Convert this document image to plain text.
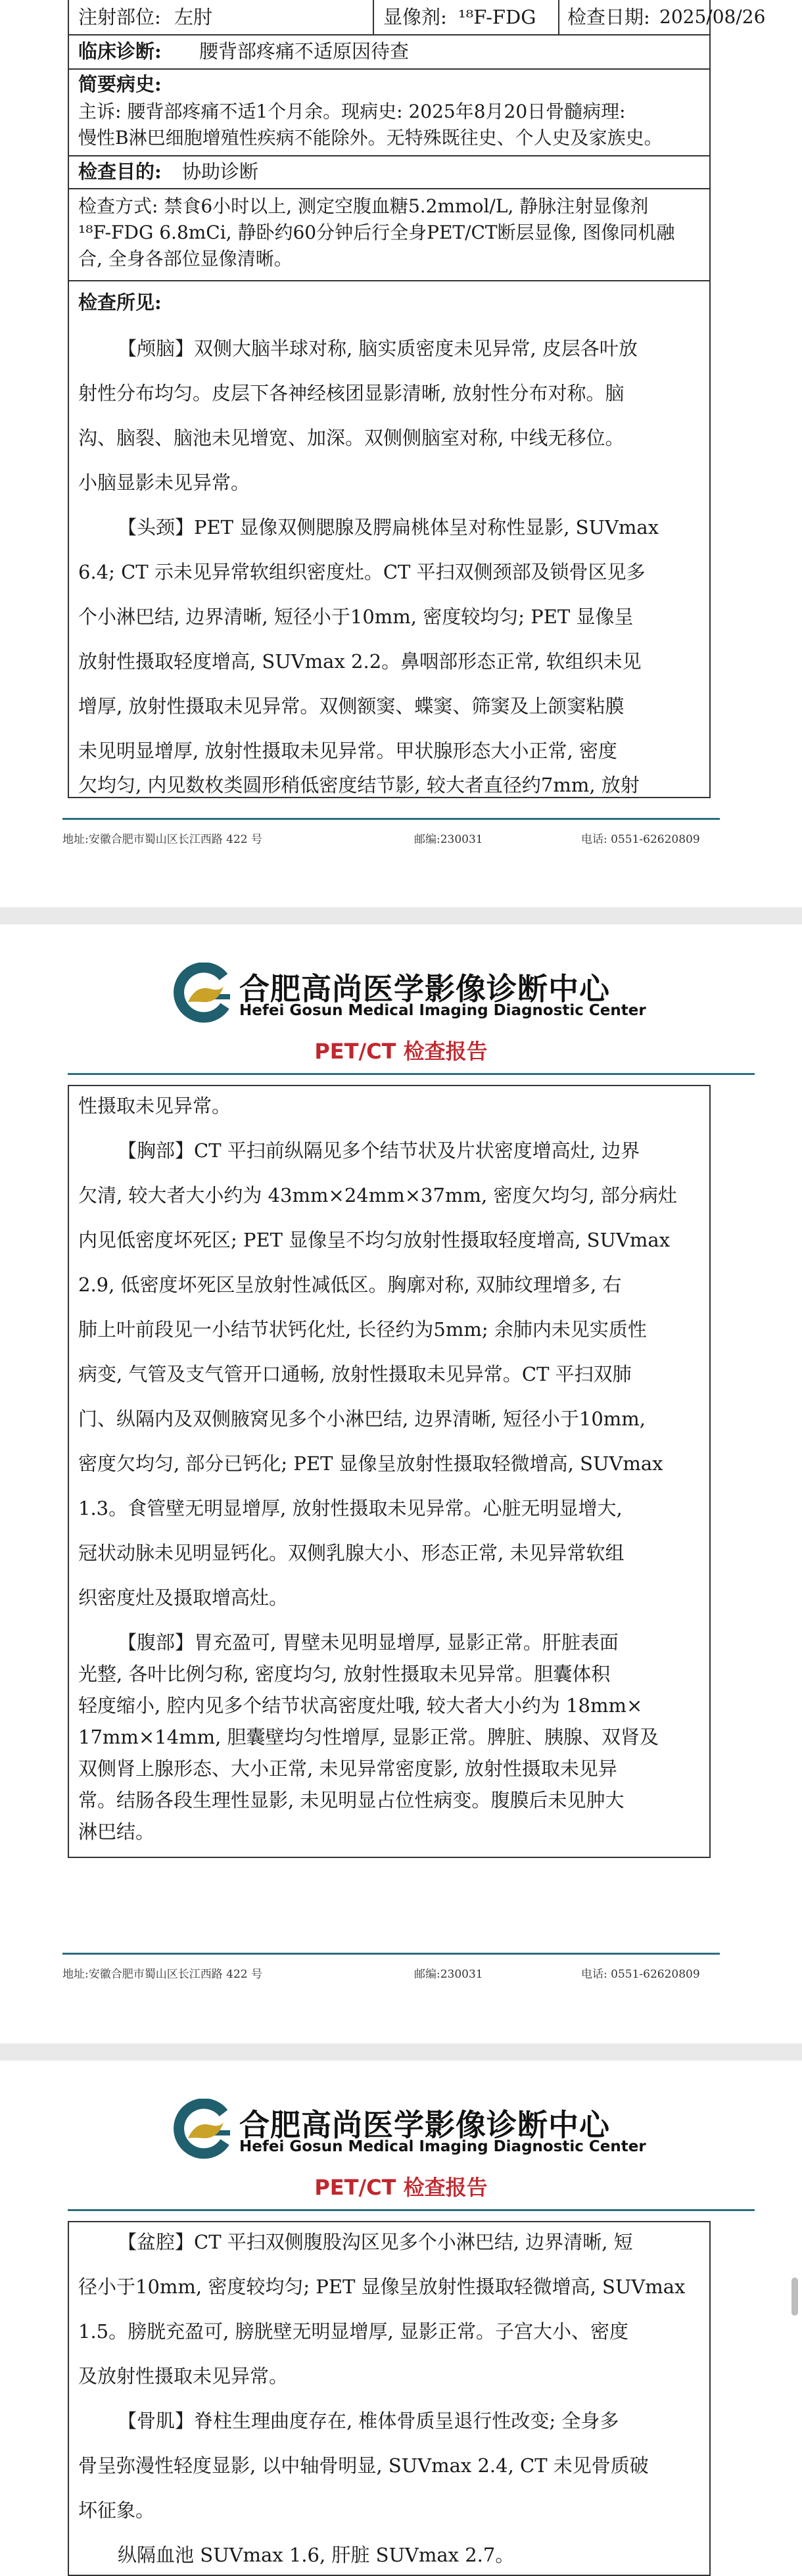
注射部位: 左肘	显像剂: ¹⁸F-FDG 检查日期: 2025/08/26
临床诊断: 腰背部疼痛不适原因待查
简要病史:
主诉: 腰背部疼痛不适1个月余。现病史: 2025年8月20日骨髓病理:
慢性B淋巴细胞增殖性疾病不能除外。无特殊既往史、个人史及家族史。
检查目的: 协助诊断
检查方式: 禁食6小时以上, 测定空腹血糖5.2mmol/L, 静脉注射显像剂
¹⁸F-FDG 6.8mCi, 静卧约60分钟后行全身PET/CT断层显像, 图像同机融
合, 全身各部位显像清晰。
检查所见:
【颅脑】双侧大脑半球对称, 脑实质密度未见异常, 皮层各叶放
射性分布均匀。皮层下各神经核团显影清晰, 放射性分布对称。脑
沟、脑裂、脑池未见增宽、加深。双侧侧脑室对称, 中线无移位。
小脑显影未见异常。
【头颈】PET 显像双侧腮腺及腭扁桃体呈对称性显影, SUVmax
6.4; CT 示未见异常软组织密度灶。CT 平扫双侧颈部及锁骨区见多
个小淋巴结, 边界清晰, 短径小于10mm, 密度较均匀; PET 显像呈
放射性摄取轻度增高, SUVmax 2.2。鼻咽部形态正常, 软组织未见
增厚, 放射性摄取未见异常。双侧额窦、蝶窦、筛窦及上颌窦粘膜
未见明显增厚, 放射性摄取未见异常。甲状腺形态大小正常, 密度
欠均匀, 内见数枚类圆形稍低密度结节影, 较大者直径约7mm, 放射
地址:安徽合肥市蜀山区长江西路 422 号	邮编:230031	电话: 0551-62620809
合肥高尚医学影像诊断中心
Hefei Gosun Medical Imaging Diagnostic Center
PET/CT 检查报告
性摄取未见异常。
【胸部】CT 平扫前纵隔见多个结节状及片状密度增高灶, 边界
欠清, 较大者大小约为 43mm×24mm×37mm, 密度欠均匀, 部分病灶
内见低密度坏死区; PET 显像呈不均匀放射性摄取轻度增高, SUVmax
2.9, 低密度坏死区呈放射性减低区。胸廓对称, 双肺纹理增多, 右
肺上叶前段见一小结节状钙化灶, 长径约为5mm; 余肺内未见实质性
病变, 气管及支气管开口通畅, 放射性摄取未见异常。CT 平扫双肺
门、纵隔内及双侧腋窝见多个小淋巴结, 边界清晰, 短径小于10mm,
密度欠均匀, 部分已钙化; PET 显像呈放射性摄取轻微增高, SUVmax
1.3。食管壁无明显增厚, 放射性摄取未见异常。心脏无明显增大,
冠状动脉未见明显钙化。双侧乳腺大小、形态正常, 未见异常软组
织密度灶及摄取增高灶。
【腹部】胃充盈可, 胃壁未见明显增厚, 显影正常。肝脏表面
光整, 各叶比例匀称, 密度均匀, 放射性摄取未见异常。胆囊体积
轻度缩小, 腔内见多个结节状高密度灶哦, 较大者大小约为 18mm×
17mm×14mm, 胆囊壁均匀性增厚, 显影正常。脾脏、胰腺、双肾及
双侧肾上腺形态、大小正常, 未见异常密度影, 放射性摄取未见异
常。结肠各段生理性显影, 未见明显占位性病变。腹膜后未见肿大
淋巴结。
地址:安徽合肥市蜀山区长江西路 422 号	邮编:230031	电话: 0551-62620809
合肥高尚医学影像诊断中心
Hefei Gosun Medical Imaging Diagnostic Center
PET/CT 检查报告
【盆腔】CT 平扫双侧腹股沟区见多个小淋巴结, 边界清晰, 短
径小于10mm, 密度较均匀; PET 显像呈放射性摄取轻微增高, SUVmax
1.5。膀胱充盈可, 膀胱壁无明显增厚, 显影正常。子宫大小、密度
及放射性摄取未见异常。
【骨肌】脊柱生理曲度存在, 椎体骨质呈退行性改变; 全身多
骨呈弥漫性轻度显影, 以中轴骨明显, SUVmax 2.4, CT 未见骨质破
坏征象。
纵隔血池 SUVmax 1.6, 肝脏 SUVmax 2.7。
